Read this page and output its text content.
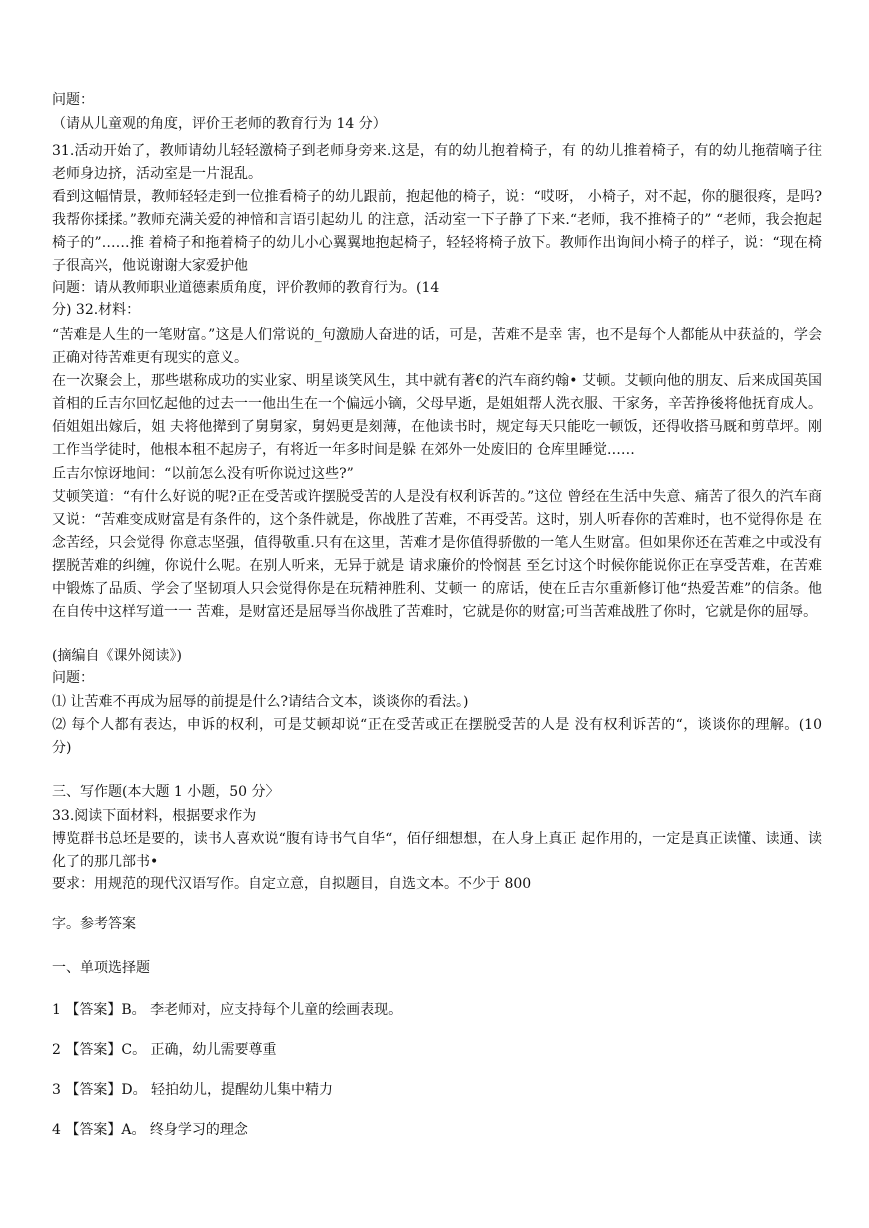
问题：
（请从儿童观的角度，评价王老师的教育行为 14 分）
31.活动开始了，教师请幼儿轻轻激椅子到老师身旁来.这是，有的幼儿抱着椅子，有 的幼儿推着椅子，有的幼儿拖蓿嘀子往老师身边挤，活动室是一片混乱。
看到这幅情景，教师轻轻走到一位推看椅子的幼儿跟前，抱起他的椅子，说：“哎呀， 小椅子，对不起，你的腿很疼，是吗?我帮你揉揉。”教师充满关爱的神愔和言语引起幼儿 的注意，活动室一下子静了下来.“老师，我不推椅子的” “老师，我会抱起椅子的”……推 着椅子和拖着椅子的幼儿小心翼翼地抱起椅子，轻轻将椅子放下。教师作出询间小椅子的样子，说：“现在椅子很高兴，他说谢谢大家爱护他
问题：请从教师职业道德素质角度，评价教师的教育行为。(14
分) 32.材料：
“苦难是人生的一笔财富。”这是人们常说的_句激励人奋进的话，可是，苦难不是幸 害，也不是每个人都能从中获益的，学会正确对待苦难更有现实的意义。
在一次聚会上，那些堪称成功的实业家、明星谈笑风生，其中就有著€的汽车商约翰• 艾顿。艾顿向他的朋友、后来成国英国首相的丘吉尔回忆起他的过去一一他出生在一个偏远小镝，父母早逝，是姐姐帮人洗衣服、干家务，辛苦挣後将他抚育成人。 佰姐姐出嫁后，姐 夫将他撵到了舅舅家，舅妈更是刻薄，在他读书时，规定每天只能吃一顿饭，还得收搭马厩和剪草坪。刚工作当学徒时，他根本租不起房子，有将近一年多时间是躲 在郊外一处废旧的 仓库里睡觉……
丘吉尔惊讶地间：“以前怎么没有听你说过这些?”
艾顿笑道：“有什么好说的呢?正在受苦或许摆脱受苦的人是没有权利诉苦的。”这位 曾经在生活中失意、痛苦了很久的汽车商又说：“苦难变成财富是有条件的，这个条件就是，你战胜了苦难，不再受苦。这时，别人听春你的苦难时，也不觉得你是 在念苦经，只会觉得 你意志坚强，值得敬重.只有在这里，苦难才是你值得骄傲的一笔人生财富。但如果你还在苦难之中或没有摆脱苦难的纠缠，你说什么呢。在别人听来，无异于就是 请求廉价的怜悯甚 至乞讨这个时候你能说你正在享受苦难，在苦难中锻炼了品质、学会了坚韧項人只会觉得你是在玩精神胜利、艾顿一 的席话，使在丘吉尔重新修订他“热爱苦难”的信条。他在自传中这样写道一一 苦难，是财富还是屈辱当你战胜了苦难时，它就是你的财富;可当苦难战胜了你时，它就是你的屈辱。
(摘编自《课外阅读》)
问题：
⑴ 让苦难不再成为屈辱的前提是什么?请结合文本，谈谈你的看法。)
⑵ 每个人都有表达，申诉的权利，可是艾顿却说“正在受苦或正在摆脱受苦的人是 没有权利诉苦的“，谈谈你的理解。(10 分)
三、写作题(本大题 1 小题，50 分〉
33.阅读下面材料，根据要求作为
博览群书总坯是要的，读书人喜欢说“腹有诗书气自华“，佰仔细想想，在人身上真正 起作用的，一定是真正读懂、读通、读化了的那几部书•
要求：用规范的现代汉语写作。自定立意，自拟题目，自选文本。不少于 800
字。参考答案
一、单项选择题
1 【答案】B。 李老师对，应支持每个儿童的绘画表现。
2 【答案】C。 正确，幼儿需要尊重
3 【答案】D。 轻拍幼儿，提醒幼儿集中精力
4 【答案】A。 终身学习的理念
